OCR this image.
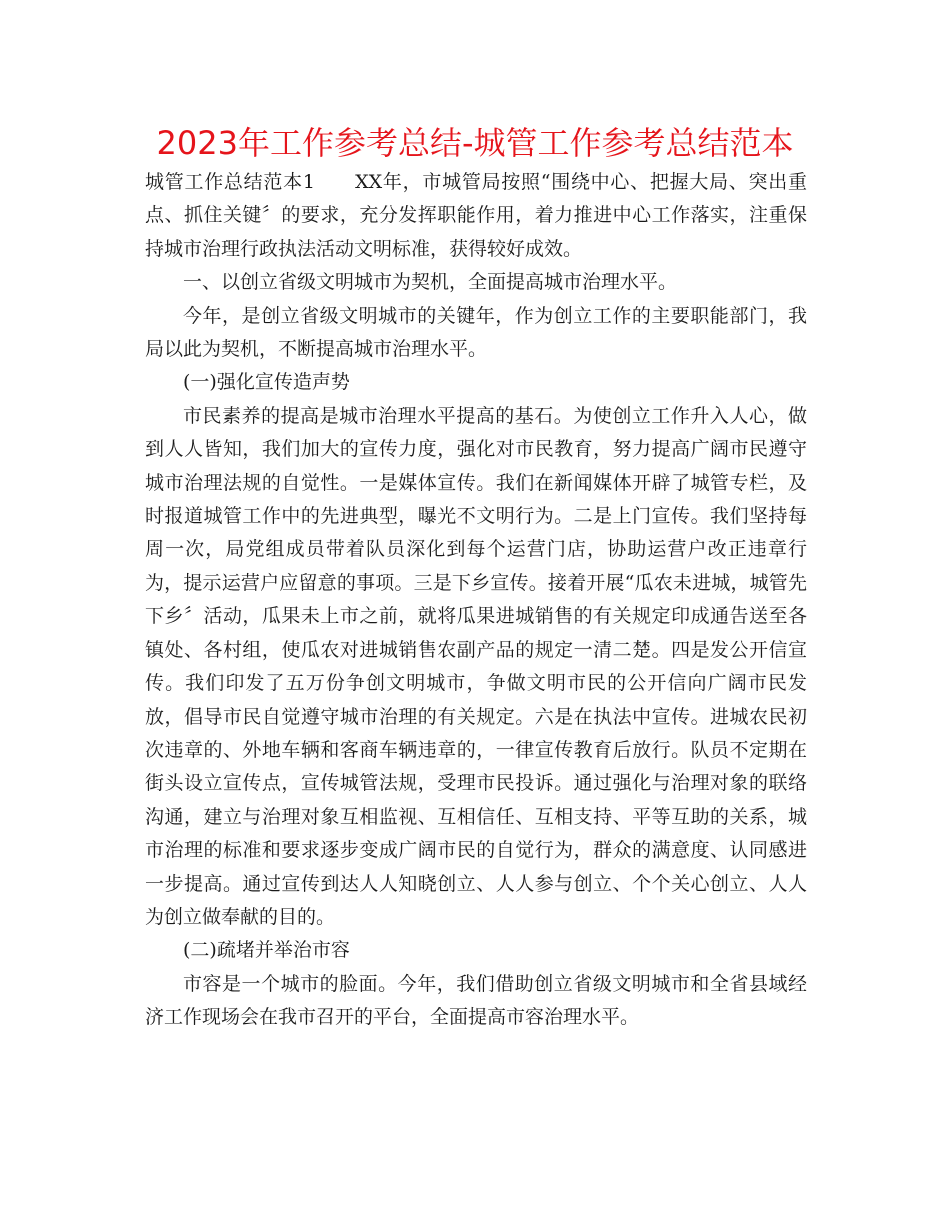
2023年工作参考总结-城管工作参考总结范本

城管工作总结范本1　　XX年，市城管局按照“围绕中心、把握大局、突出重点、抓住关键〞的要求，充分发挥职能作用，着力推进中心工作落实，注重保持城市治理行政执法活动文明标准，获得较好成效。

一、以创立省级文明城市为契机，全面提高城市治理水平。

今年，是创立省级文明城市的关键年，作为创立工作的主要职能部门，我局以此为契机，不断提高城市治理水平。

(一)强化宣传造声势

市民素养的提高是城市治理水平提高的基石。为使创立工作升入人心，做到人人皆知，我们加大的宣传力度，强化对市民教育，努力提高广阔市民遵守城市治理法规的自觉性。一是媒体宣传。我们在新闻媒体开辟了城管专栏，及时报道城管工作中的先进典型，曝光不文明行为。二是上门宣传。我们坚持每周一次，局党组成员带着队员深化到每个运营门店，协助运营户改正违章行为，提示运营户应留意的事项。三是下乡宣传。接着开展“瓜农未进城，城管先下乡〞活动，瓜果未上市之前，就将瓜果进城销售的有关规定印成通告送至各镇处、各村组，使瓜农对进城销售农副产品的规定一清二楚。四是发公开信宣传。我们印发了五万份争创文明城市，争做文明市民的公开信向广阔市民发放，倡导市民自觉遵守城市治理的有关规定。六是在执法中宣传。进城农民初次违章的、外地车辆和客商车辆违章的，一律宣传教育后放行。队员不定期在街头设立宣传点，宣传城管法规，受理市民投诉。通过强化与治理对象的联络沟通，建立与治理对象互相监视、互相信任、互相支持、平等互助的关系，城市治理的标准和要求逐步变成广阔市民的自觉行为，群众的满意度、认同感进一步提高。通过宣传到达人人知晓创立、人人参与创立、个个关心创立、人人为创立做奉献的目的。

(二)疏堵并举治市容

市容是一个城市的脸面。今年，我们借助创立省级文明城市和全省县域经济工作现场会在我市召开的平台，全面提高市容治理水平。
